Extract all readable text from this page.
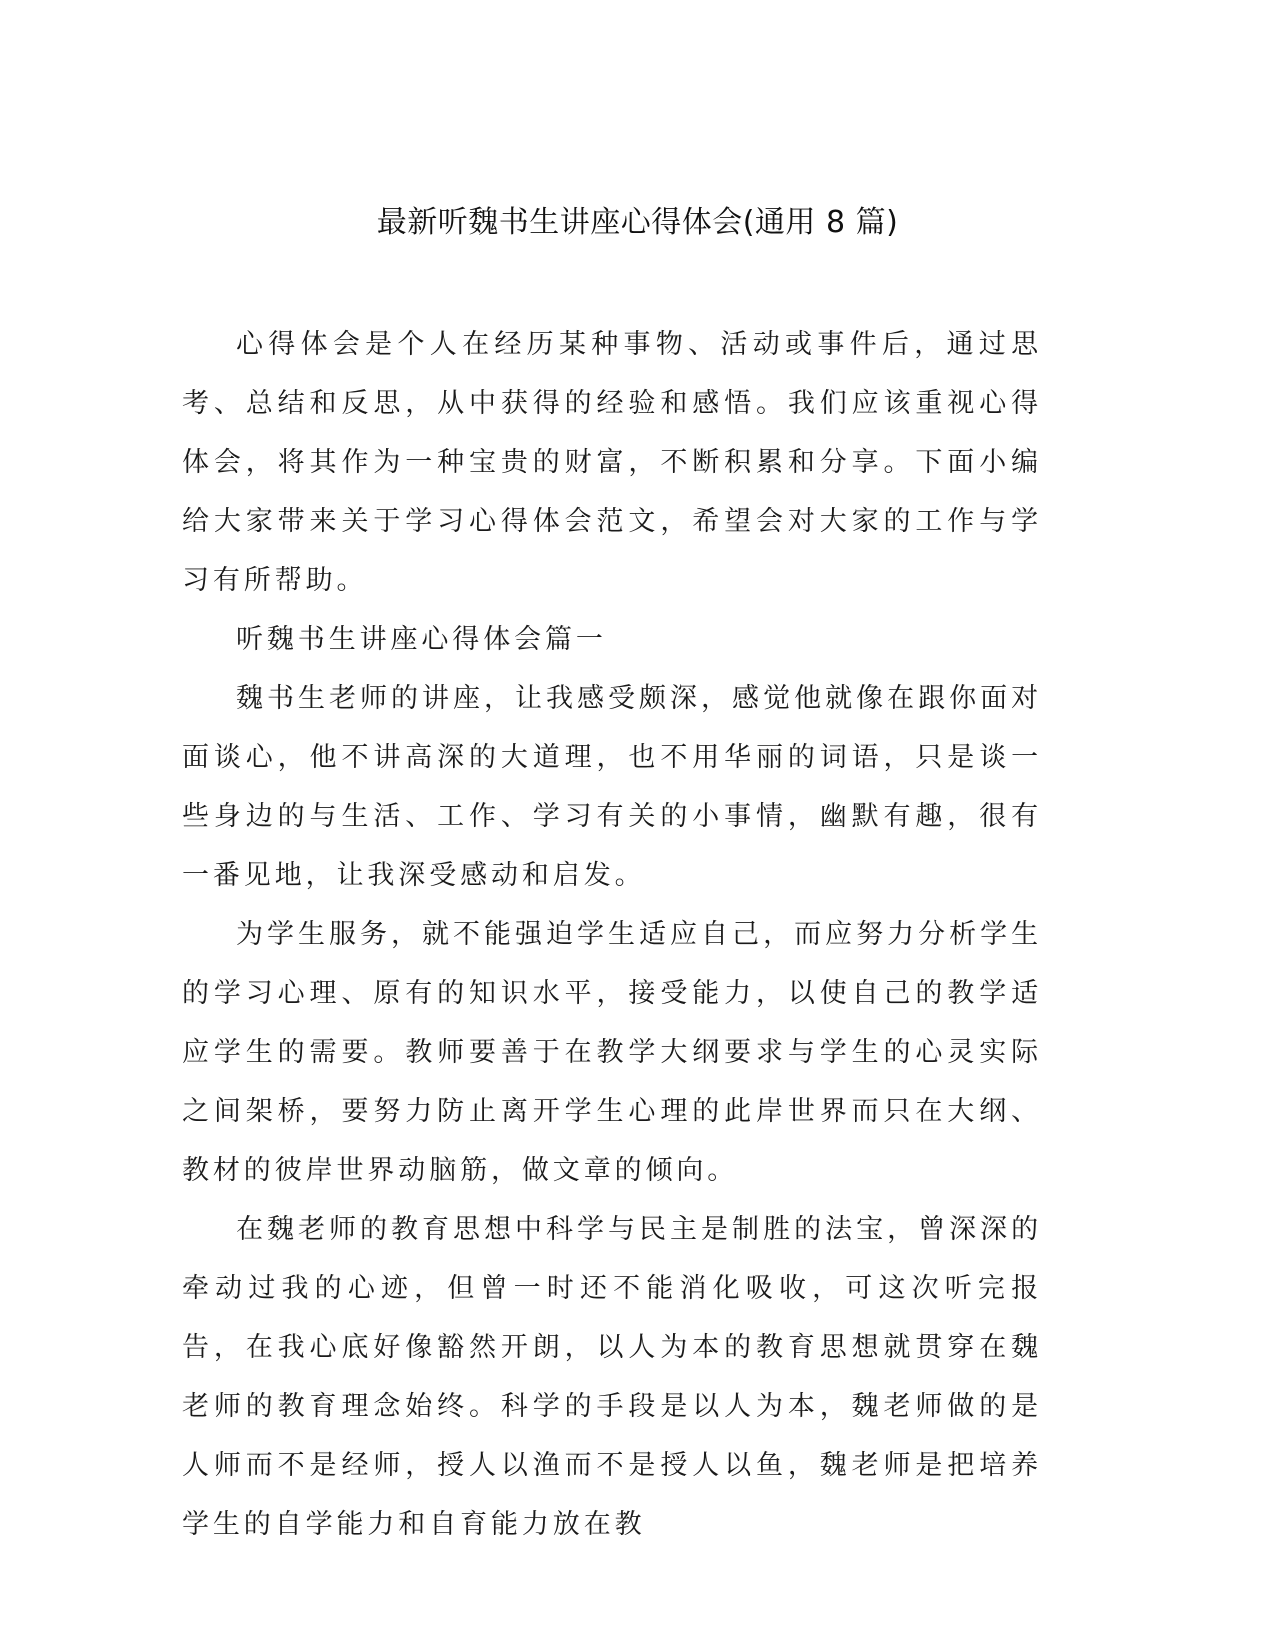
最新听魏书生讲座心得体会(通用 8 篇)

心得体会是个人在经历某种事物、活动或事件后，通过思考、总结和反思，从中获得的经验和感悟。我们应该重视心得体会，将其作为一种宝贵的财富，不断积累和分享。下面小编给大家带来关于学习心得体会范文，希望会对大家的工作与学习有所帮助。

听魏书生讲座心得体会篇一

魏书生老师的讲座，让我感受颇深，感觉他就像在跟你面对面谈心，他不讲高深的大道理，也不用华丽的词语，只是谈一些身边的与生活、工作、学习有关的小事情，幽默有趣，很有一番见地，让我深受感动和启发。

为学生服务，就不能强迫学生适应自己，而应努力分析学生的学习心理、原有的知识水平，接受能力，以使自己的教学适应学生的需要。教师要善于在教学大纲要求与学生的心灵实际之间架桥，要努力防止离开学生心理的此岸世界而只在大纲、教材的彼岸世界动脑筋，做文章的倾向。

在魏老师的教育思想中科学与民主是制胜的法宝，曾深深的牵动过我的心迹，但曾一时还不能消化吸收，可这次听完报告，在我心底好像豁然开朗，以人为本的教育思想就贯穿在魏老师的教育理念始终。科学的手段是以人为本，魏老师做的是人师而不是经师，授人以渔而不是授人以鱼，魏老师是把培养学生的自学能力和自育能力放在教
